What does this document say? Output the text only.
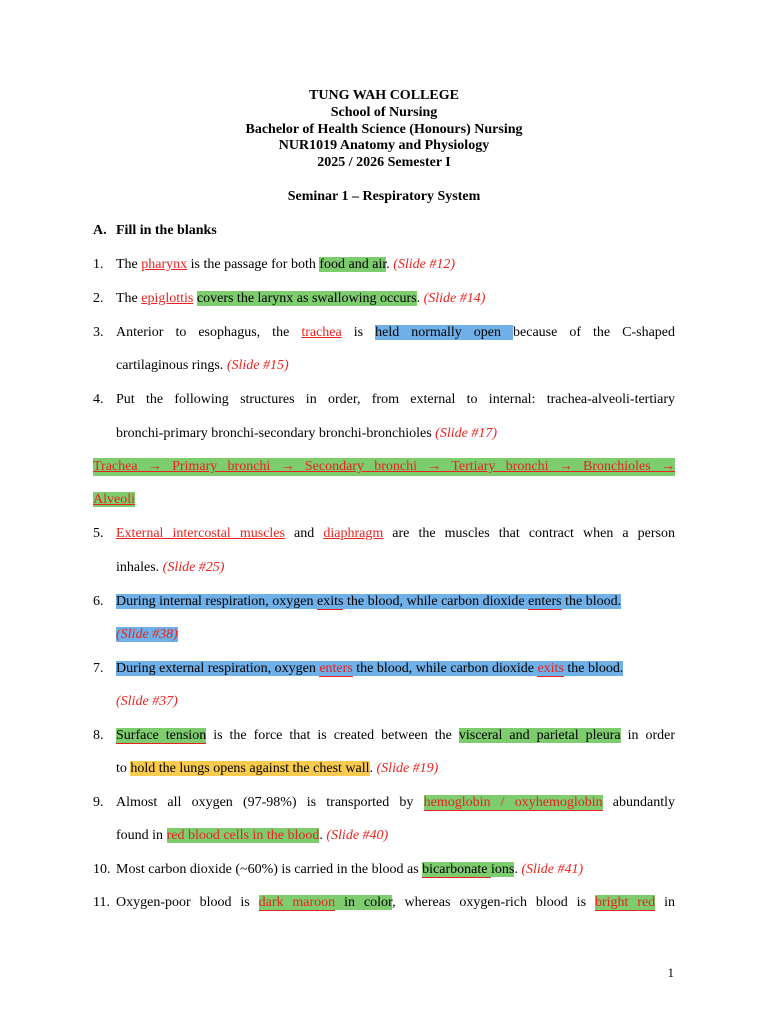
TUNG WAH COLLEGE
School of Nursing
Bachelor of Health Science (Honours) Nursing
NUR1019 Anatomy and Physiology
2025 / 2026 Semester I
Seminar 1 – Respiratory System
A. Fill in the blanks
1. The pharynx is the passage for both food and air. (Slide #12)
2. The epiglottis covers the larynx as swallowing occurs. (Slide #14)
3. Anterior to esophagus, the trachea is held normally open because of the C-shaped
cartilaginous rings. (Slide #15)
4. Put the following structures in order, from external to internal: trachea-alveoli-tertiary
bronchi-primary bronchi-secondary bronchi-bronchioles (Slide #17)
Trachea → Primary bronchi → Secondary bronchi → Tertiary bronchi → Bronchioles →
Alveoli
5. External intercostal muscles and diaphragm are the muscles that contract when a person
inhales. (Slide #25)
6. During internal respiration, oxygen exits the blood, while carbon dioxide enters the blood.
(Slide #38)
7. During external respiration, oxygen enters the blood, while carbon dioxide exits the blood.
(Slide #37)
8. Surface tension is the force that is created between the visceral and parietal pleura in order
to hold the lungs opens against the chest wall. (Slide #19)
9. Almost all oxygen (97-98%) is transported by hemoglobin / oxyhemoglobin abundantly
found in red blood cells in the blood. (Slide #40)
10. Most carbon dioxide (~60%) is carried in the blood as bicarbonate ions. (Slide #41)
11. Oxygen-poor blood is dark maroon in color, whereas oxygen-rich blood is bright red in
1
